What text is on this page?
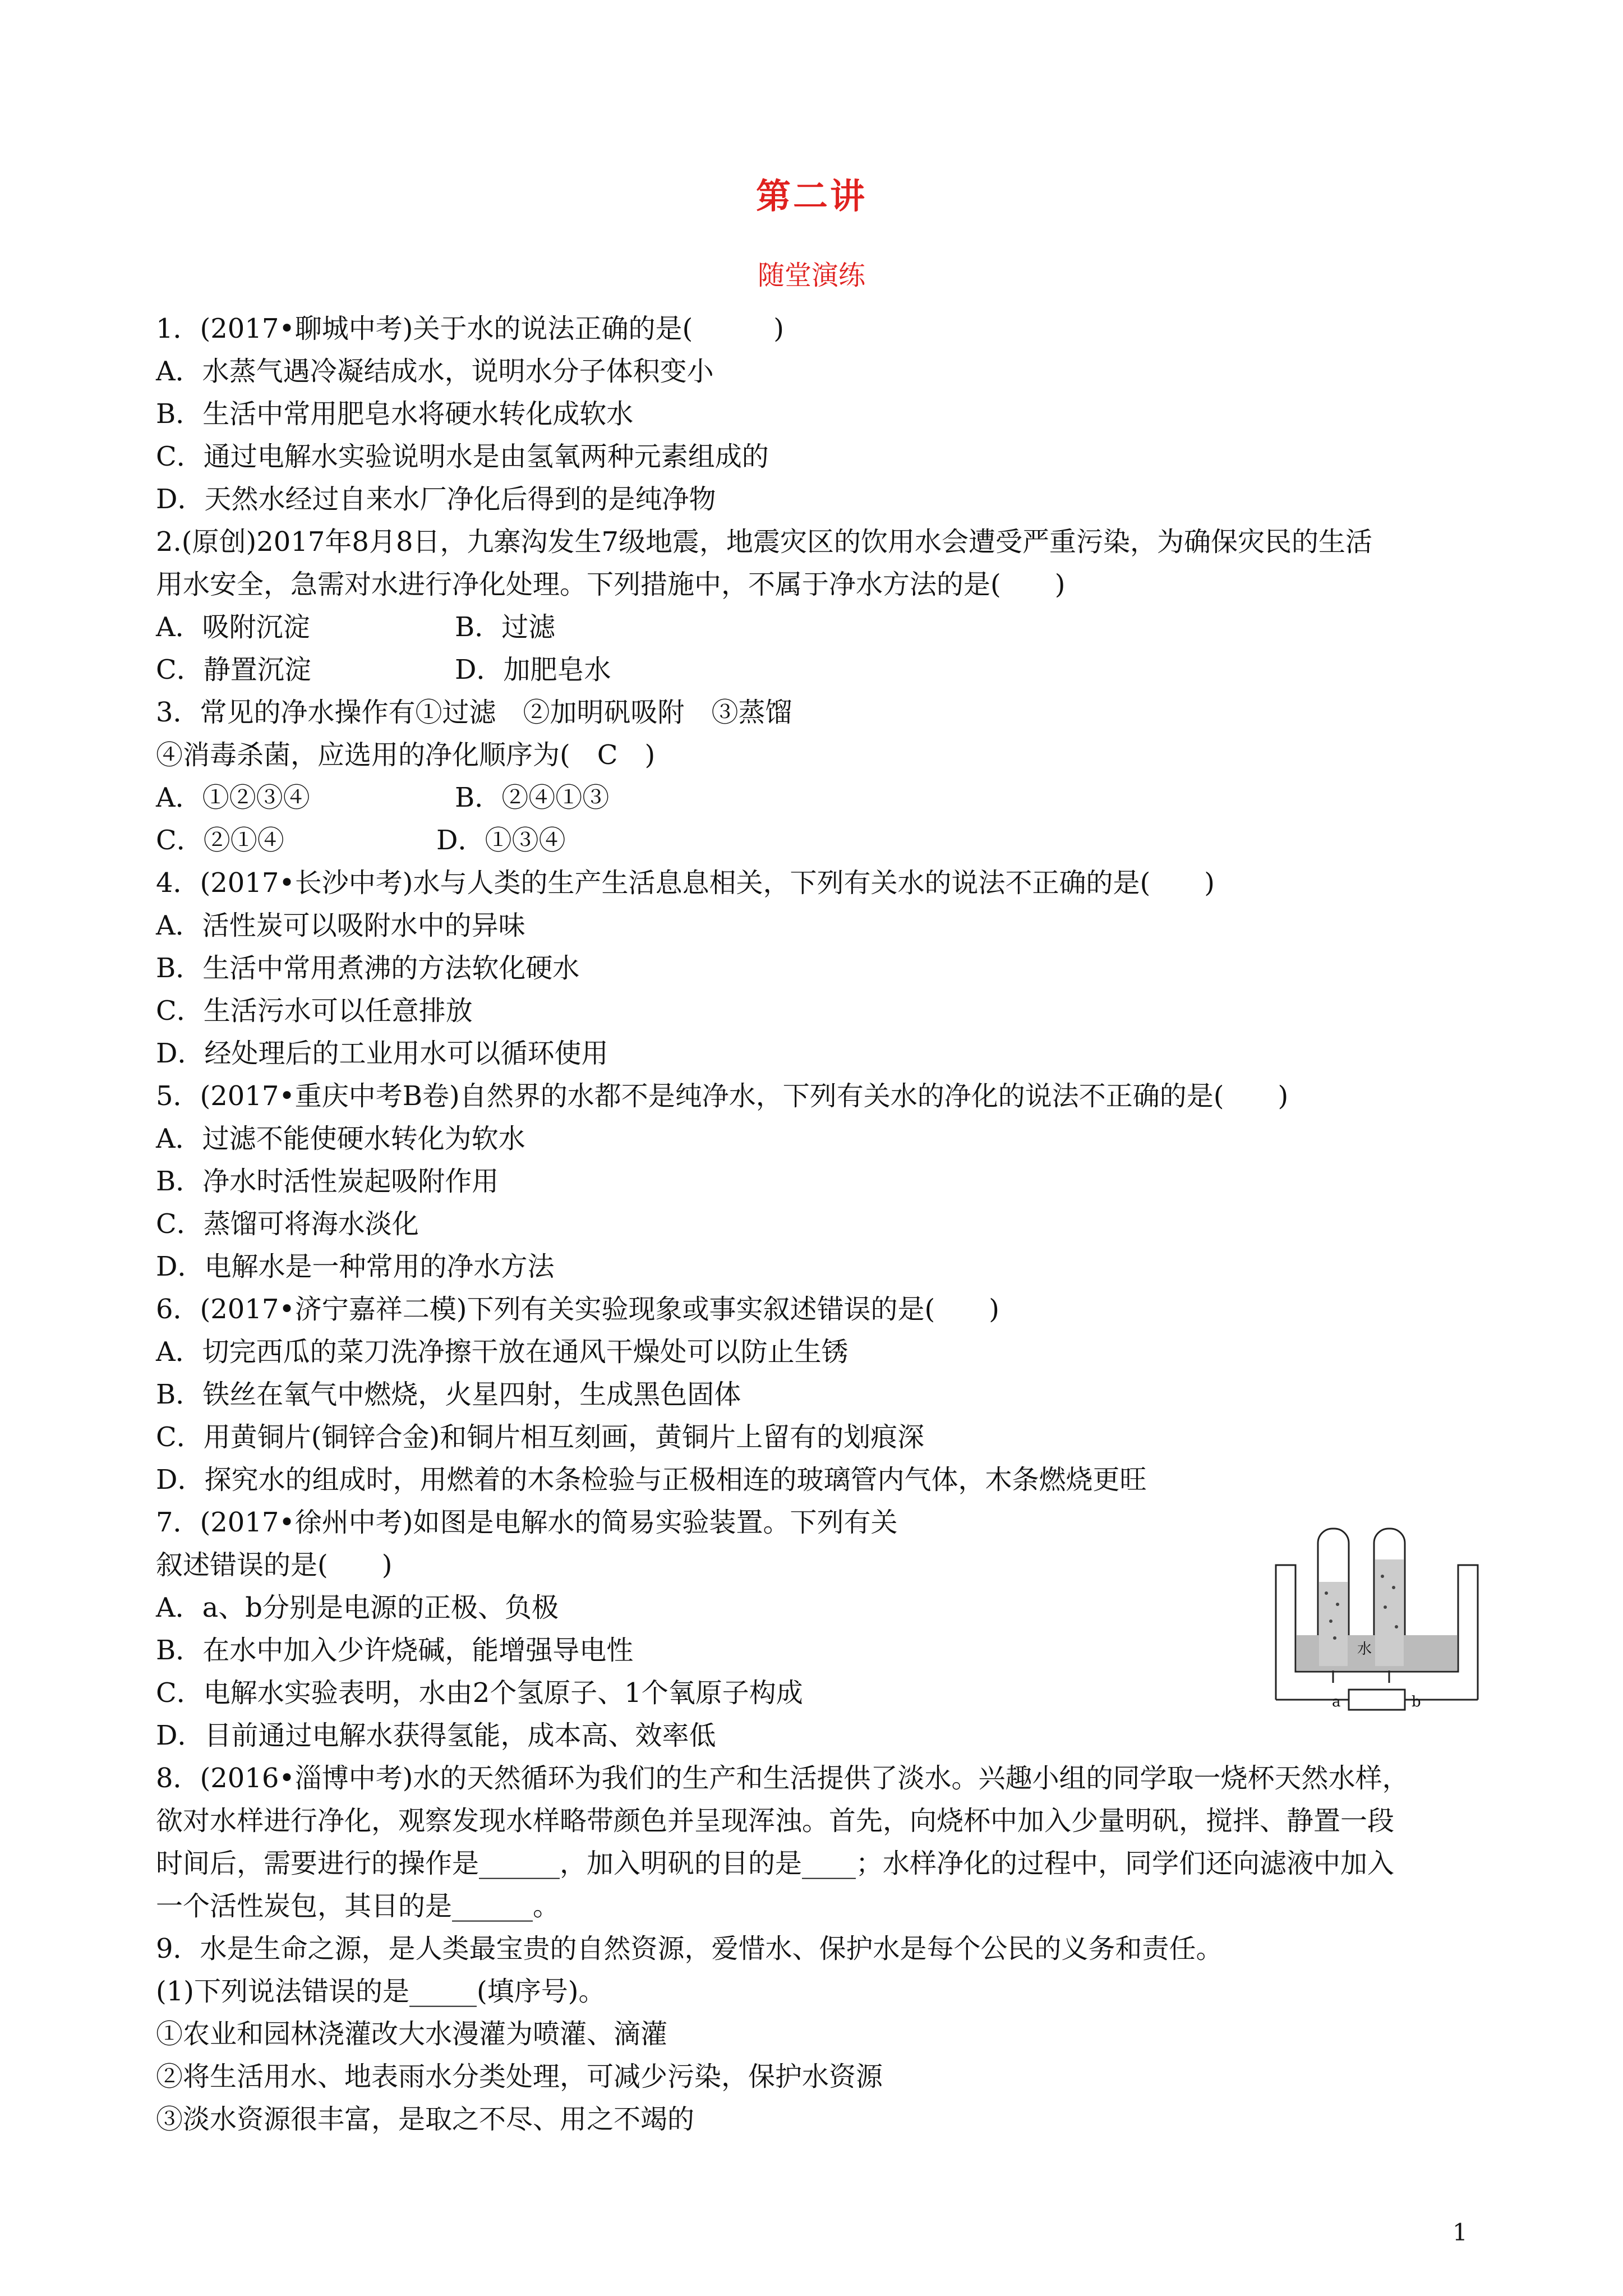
第二讲
随堂演练
1．(2017•聊城中考)关于水的说法正确的是(　　　)
A．水蒸气遇冷凝结成水，说明水分子体积变小
B．生活中常用肥皂水将硬水转化成软水
C．通过电解水实验说明水是由氢氧两种元素组成的
D．天然水经过自来水厂净化后得到的是纯净物
2.(原创)2017年8月8日，九寨沟发生7级地震，地震灾区的饮用水会遭受严重污染，为确保灾民的生活
用水安全，急需对水进行净化处理。下列措施中，不属于净水方法的是(　　)
A．吸附沉淀	B．过滤
C．静置沉淀	D．加肥皂水
3．常见的净水操作有①过滤　②加明矾吸附　③蒸馏
④消毒杀菌，应选用的净化顺序为(　C　)
A．①②③④	B．②④①③
C．②①④	D．①③④
4．(2017•长沙中考)水与人类的生产生活息息相关，下列有关水的说法不正确的是(　　)
A．活性炭可以吸附水中的异味
B．生活中常用煮沸的方法软化硬水
C．生活污水可以任意排放
D．经处理后的工业用水可以循环使用
5．(2017•重庆中考B卷)自然界的水都不是纯净水，下列有关水的净化的说法不正确的是(　　)
A．过滤不能使硬水转化为软水
B．净水时活性炭起吸附作用
C．蒸馏可将海水淡化
D．电解水是一种常用的净水方法
6．(2017•济宁嘉祥二模)下列有关实验现象或事实叙述错误的是(　　)
A．切完西瓜的菜刀洗净擦干放在通风干燥处可以防止生锈
B．铁丝在氧气中燃烧，火星四射，生成黑色固体
C．用黄铜片(铜锌合金)和铜片相互刻画，黄铜片上留有的划痕深
D．探究水的组成时，用燃着的木条检验与正极相连的玻璃管内气体，木条燃烧更旺
7．(2017•徐州中考)如图是电解水的简易实验装置。下列有关
叙述错误的是(　　)
A．a、b分别是电源的正极、负极
B．在水中加入少许烧碱，能增强导电性
C．电解水实验表明，水由2个氢原子、1个氧原子构成
D．目前通过电解水获得氢能，成本高、效率低
8．(2016•淄博中考)水的天然循环为我们的生产和生活提供了淡水。兴趣小组的同学取一烧杯天然水样，
欲对水样进行净化，观察发现水样略带颜色并呈现浑浊。首先，向烧杯中加入少量明矾，搅拌、静置一段
时间后，需要进行的操作是______，加入明矾的目的是____；水样净化的过程中，同学们还向滤液中加入
一个活性炭包，其目的是______。
9．水是生命之源，是人类最宝贵的自然资源，爱惜水、保护水是每个公民的义务和责任。
(1)下列说法错误的是_____(填序号)。
①农业和园林浇灌改大水漫灌为喷灌、滴灌
②将生活用水、地表雨水分类处理，可减少污染，保护水资源
③淡水资源很丰富，是取之不尽、用之不竭的
水
a	b
1
